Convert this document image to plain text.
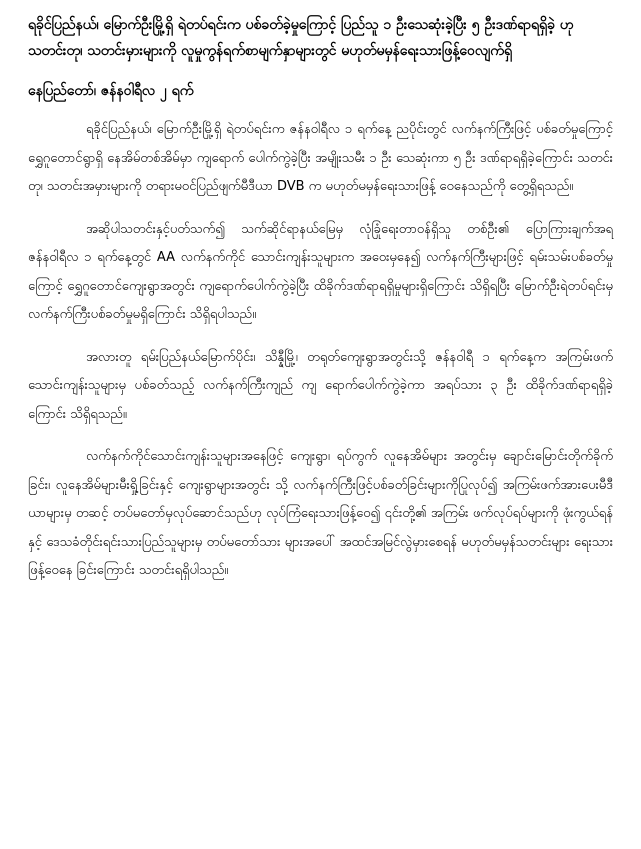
ရခိုင်ပြည်နယ်၊ မြောက်ဦးမြို့ရှိ ရဲတပ်ရင်းက ပစ်ခတ်ခဲ့မှုကြောင့် ပြည်သူ ၁ ဦးသေဆုံးခဲ့ပြီး ၅ ဦးဒဏ်ရာရရှိခဲ့ ဟု သတင်းတု၊ သတင်းမှားများကို လူမှုကွန်ရက်စာမျက်နှာများတွင် မဟုတ်မမှန်ရေးသားဖြန့်ဝေလျက်ရှိ
နေပြည်တော်၊ ဇန်နဝါရီလ ၂ ရက်

ရခိုင်ပြည်နယ်၊ မြောက်ဦးမြို့ရှိ ရဲတပ်ရင်းက ဇန်နဝါရီလ ၁ ရက်နေ့ ညပိုင်းတွင် လက်နက်ကြီးဖြင့် ပစ်ခတ်မှုကြောင့် ရွှေဂူတောင်ရွာရှိ နေအိမ်တစ်အိမ်မှာ ကျရောက် ပေါက်ကွဲခဲ့ပြီး အမျိုးသမီး ၁ ဦး သေဆုံးကာ ၅ ဦး ဒဏ်ရာရရှိခဲ့ကြောင်း သတင်းတု၊ သတင်းအမှားများကို တရားမဝင်ပြည်ဖျက်မီဒီယာ DVB က မဟုတ်မမှန်ရေးသားဖြန့် ဝေနေသည်ကို တွေ့ရှိရသည်။

အဆိုပါသတင်းနှင့်ပတ်သက်၍ သက်ဆိုင်ရာနယ်မြေမှ လုံခြုံရေးတာဝန်ရှိသူ တစ်ဦး၏ ပြောကြားချက်အရ ဇန်နဝါရီလ ၁ ရက်နေ့တွင် AA လက်နက်ကိုင် သောင်းကျန်းသူများက အဝေးမှနေ၍ လက်နက်ကြီးများဖြင့် ရမ်းသမ်းပစ်ခတ်မှုကြောင့် ရွှေဂူတောင်ကျေးရွာအတွင်း ကျရောက်ပေါက်ကွဲခဲ့ပြီး ထိခိုက်ဒဏ်ရာရရှိမှုများရှိကြောင်း သိရှိရပြီး မြောက်ဦးရဲတပ်ရင်းမှ လက်နက်ကြီးပစ်ခတ်မှုမရှိကြောင်း သိရှိရပါသည်။

အလားတူ ရမ်းပြည်နယ်မြောက်ပိုင်း၊ သိန္နီမြို့၊ တရုတ်ကျေးရွာအတွင်းသို့ ဇန်နဝါရီ ၁ ရက်နေ့က အကြမ်းဖက်သောင်းကျန်းသူများမှ ပစ်ခတ်သည့် လက်နက်ကြီးကျည် ကျ ရောက်ပေါက်ကွဲခဲ့ကာ အရပ်သား ၃ ဦး ထိခိုက်ဒဏ်ရာရရှိခဲ့ကြောင်း သိရှိရသည်။

လက်နက်ကိုင်သောင်းကျန်းသူများအနေဖြင့် ကျေးရွာ၊ ရပ်ကွက် လူနေအိမ်များ အတွင်းမှ ချောင်းမြောင်းတိုက်ခိုက်ခြင်း၊ လူနေအိမ်များမီးရှို့ခြင်းနှင့် ကျေးရွာများအတွင်း သို့ လက်နက်ကြီးဖြင့်ပစ်ခတ်ခြင်းများကိုပြုလုပ်၍ အကြမ်းဖက်အားပေးမီဒီယာများမှ တဆင့် တပ်မတော်မှလုပ်ဆောင်သည်ဟု လုပ်ကြံရေးသားဖြန့်ဝေ၍ ၎င်းတို့၏ အကြမ်း ဖက်လုပ်ရပ်များကို ဖုံးကွယ်ရန်နှင့် ဒေသခံတိုင်းရင်းသားပြည်သူများမှ တပ်မတော်သား များအပေါ် အထင်အမြင်လွဲမှားစေရန် မဟုတ်မမှန်သတင်းများ ရေးသားဖြန့်ဝေနေ ခြင်းကြောင်း သတင်းရရှိပါသည်။
